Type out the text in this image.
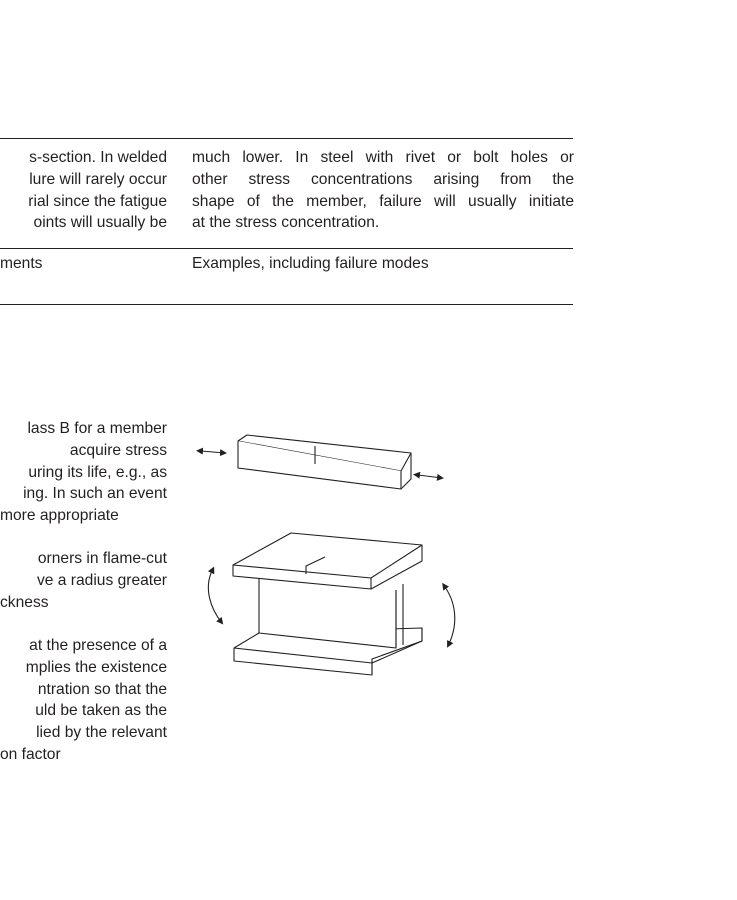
s-section. In welded
lure will rarely occur
rial since the fatigue
oints will usually be
much lower. In steel with rivet or bolt holes or
other stress concentrations arising from the
shape of the member, failure will usually initiate
at the stress concentration.
ments	Examples, including failure modes
lass B for a member
acquire stress
uring its life, e.g., as
ing. In such an event
more appropriate
orners in flame-cut
ve a radius greater
ckness
at the presence of a
mplies the existence
ntration so that the
uld be taken as the
lied by the relevant
on factor
